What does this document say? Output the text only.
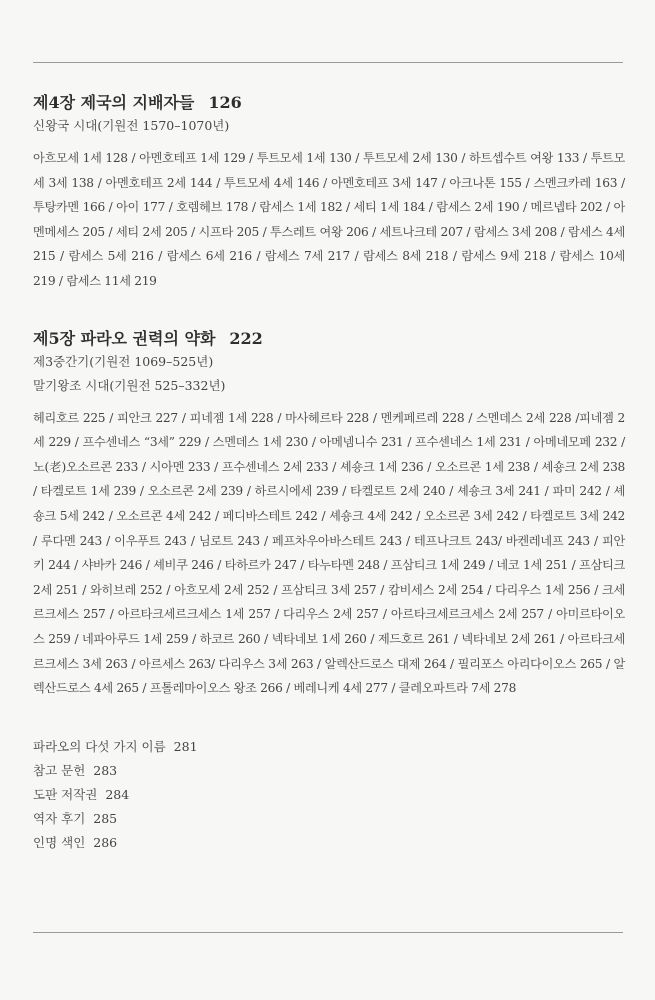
제4장 제국의 지배자들 126

신왕국 시대(기원전 1570–1070년)

아흐모세 1세 128 / 아멘호테프 1세 129 / 투트모세 1세 130 / 투트모세 2세 130 / 하트셉수트 여왕 133 / 투트모세 3세 138 / 아멘호테프 2세 144 / 투트모세 4세 146 / 아멘호테프 3세 147 / 아크나톤 155 / 스멘크카레 163 / 투탕카멘 166 / 아이 177 / 호렘헤브 178 / 람세스 1세 182 / 세티 1세 184 / 람세스 2세 190 / 메르넵타 202 / 아멘메세스 205 / 세티 2세 205 / 시프타 205 / 투스레트 여왕 206 / 세트나크테 207 / 람세스 3세 208 / 람세스 4세 215 / 람세스 5세 216 / 람세스 6세 216 / 람세스 7세 217 / 람세스 8세 218 / 람세스 9세 218 / 람세스 10세 219 / 람세스 11세 219

제5장 파라오 권력의 약화 222

제3중간기(기원전 1069–525년)

말기왕조 시대(기원전 525–332년)

헤리호르 225 / 피안크 227 / 피네젬 1세 228 / 마사헤르타 228 / 멘케페르레 228 / 스멘데스 2세 228 /피네젬 2세 229 / 프수센네스 “3세” 229 / 스멘데스 1세 230 / 아메넴니수 231 / 프수센네스 1세 231 / 아메네모페 232 / 노(老)오소르콘 233 / 시아멘 233 / 프수센네스 2세 233 / 셰숑크 1세 236 / 오소르콘 1세 238 / 셰숑크 2세 238 / 타켈로트 1세 239 / 오소르콘 2세 239 / 하르시에세 239 / 타켈로트 2세 240 / 셰숑크 3세 241 / 파미 242 / 셰숑크 5세 242 / 오소르콘 4세 242 / 페디바스테트 242 / 셰숑크 4세 242 / 오소르콘 3세 242 / 타켈로트 3세 242 / 루다멘 243 / 이우푸트 243 / 님로트 243 / 페프차우아바스테트 243 / 테프나크트 243/ 바켄레네프 243 / 피안키 244 / 샤바카 246 / 셰비쿠 246 / 타하르카 247 / 타누타멘 248 / 프삼티크 1세 249 / 네코 1세 251 / 프삼티크 2세 251 / 와히브레 252 / 아흐모세 2세 252 / 프삼티크 3세 257 / 캄비세스 2세 254 / 다리우스 1세 256 / 크세르크세스 257 / 아르타크세르크세스 1세 257 / 다리우스 2세 257 / 아르타크세르크세스 2세 257 / 아미르타이오스 259 / 네파아루드 1세 259 / 하코르 260 / 넥타네보 1세 260 / 제드호르 261 / 넥타네보 2세 261 / 아르타크세르크세스 3세 263 / 아르세스 263/ 다리우스 3세 263 / 알렉산드로스 대제 264 / 필리포스 아리다이오스 265 / 알렉산드로스 4세 265 / 프톨레마이오스 왕조 266 / 베레니케 4세 277 / 클레오파트라 7세 278

파라오의 다섯 가지 이름 281
참고 문헌 283
도판 저작권 284
역자 후기 285
인명 색인 286
